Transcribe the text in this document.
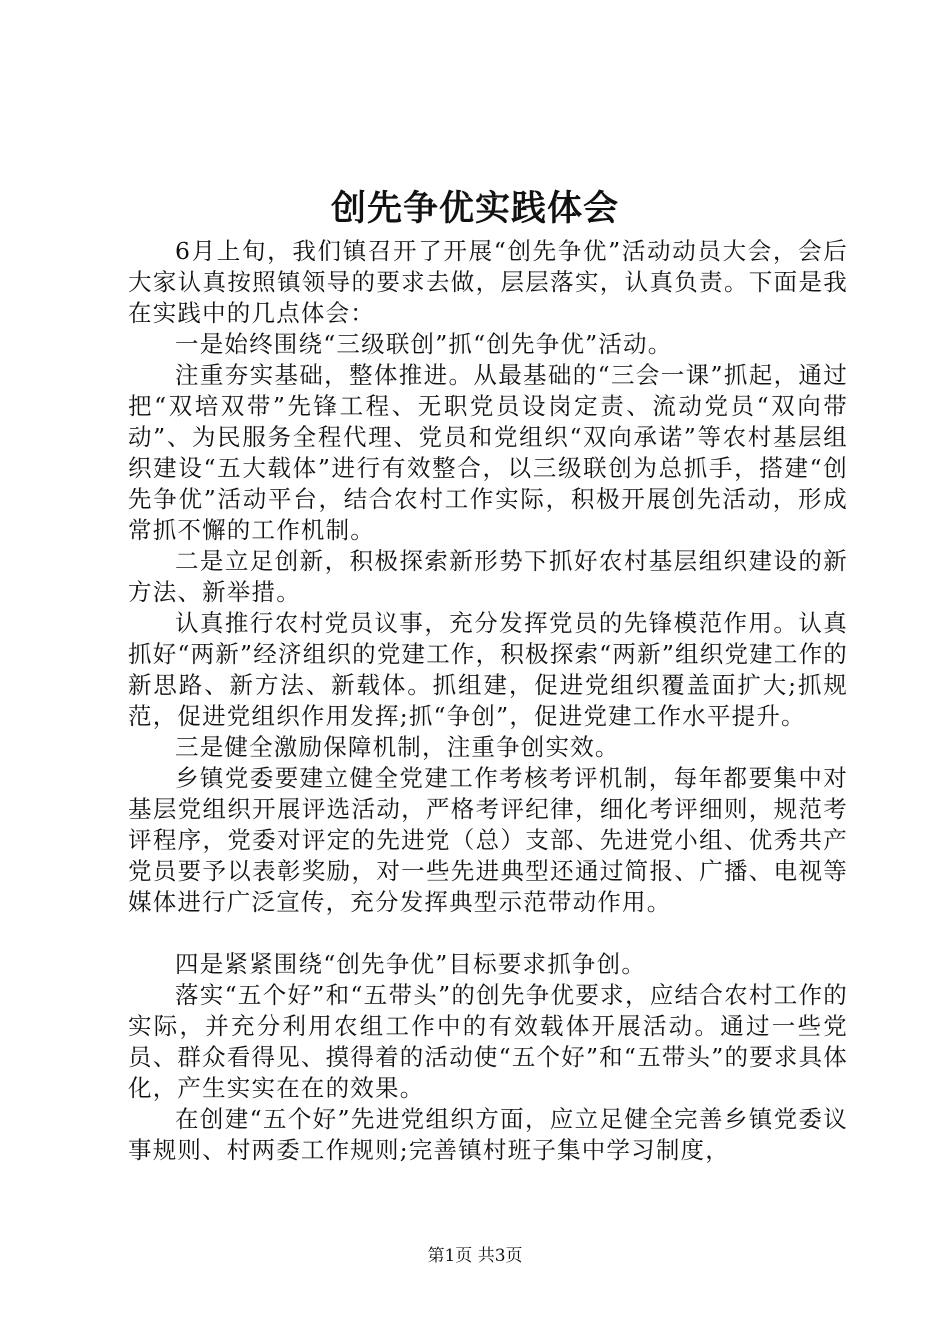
创先争优实践体会

6月上旬，我们镇召开了开展“创先争优”活动动员大会，会后大家认真按照镇领导的要求去做，层层落实，认真负责。下面是我在实践中的几点体会：

一是始终围绕“三级联创”抓“创先争优”活动。

注重夯实基础，整体推进。从最基础的“三会一课”抓起，通过把“双培双带”先锋工程、无职党员设岗定责、流动党员“双向带动”、为民服务全程代理、党员和党组织“双向承诺”等农村基层组织建设“五大载体”进行有效整合，以三级联创为总抓手，搭建“创先争优”活动平台，结合农村工作实际，积极开展创先活动，形成常抓不懈的工作机制。

二是立足创新，积极探索新形势下抓好农村基层组织建设的新方法、新举措。

认真推行农村党员议事，充分发挥党员的先锋模范作用。认真抓好“两新”经济组织的党建工作，积极探索“两新”组织党建工作的新思路、新方法、新载体。抓组建，促进党组织覆盖面扩大;抓规范，促进党组织作用发挥;抓“争创”，促进党建工作水平提升。

三是健全激励保障机制，注重争创实效。

乡镇党委要建立健全党建工作考核考评机制，每年都要集中对基层党组织开展评选活动，严格考评纪律，细化考评细则，规范考评程序，党委对评定的先进党（总）支部、先进党小组、优秀共产党员要予以表彰奖励，对一些先进典型还通过简报、广播、电视等媒体进行广泛宣传，充分发挥典型示范带动作用。

四是紧紧围绕“创先争优”目标要求抓争创。

落实“五个好”和“五带头”的创先争优要求，应结合农村工作的实际，并充分利用农组工作中的有效载体开展活动。通过一些党员、群众看得见、摸得着的活动使“五个好”和“五带头”的要求具体化，产生实实在在的效果。

在创建“五个好”先进党组织方面，应立足健全完善乡镇党委议事规则、村两委工作规则;完善镇村班子集中学习制度，

第1页 共3页
